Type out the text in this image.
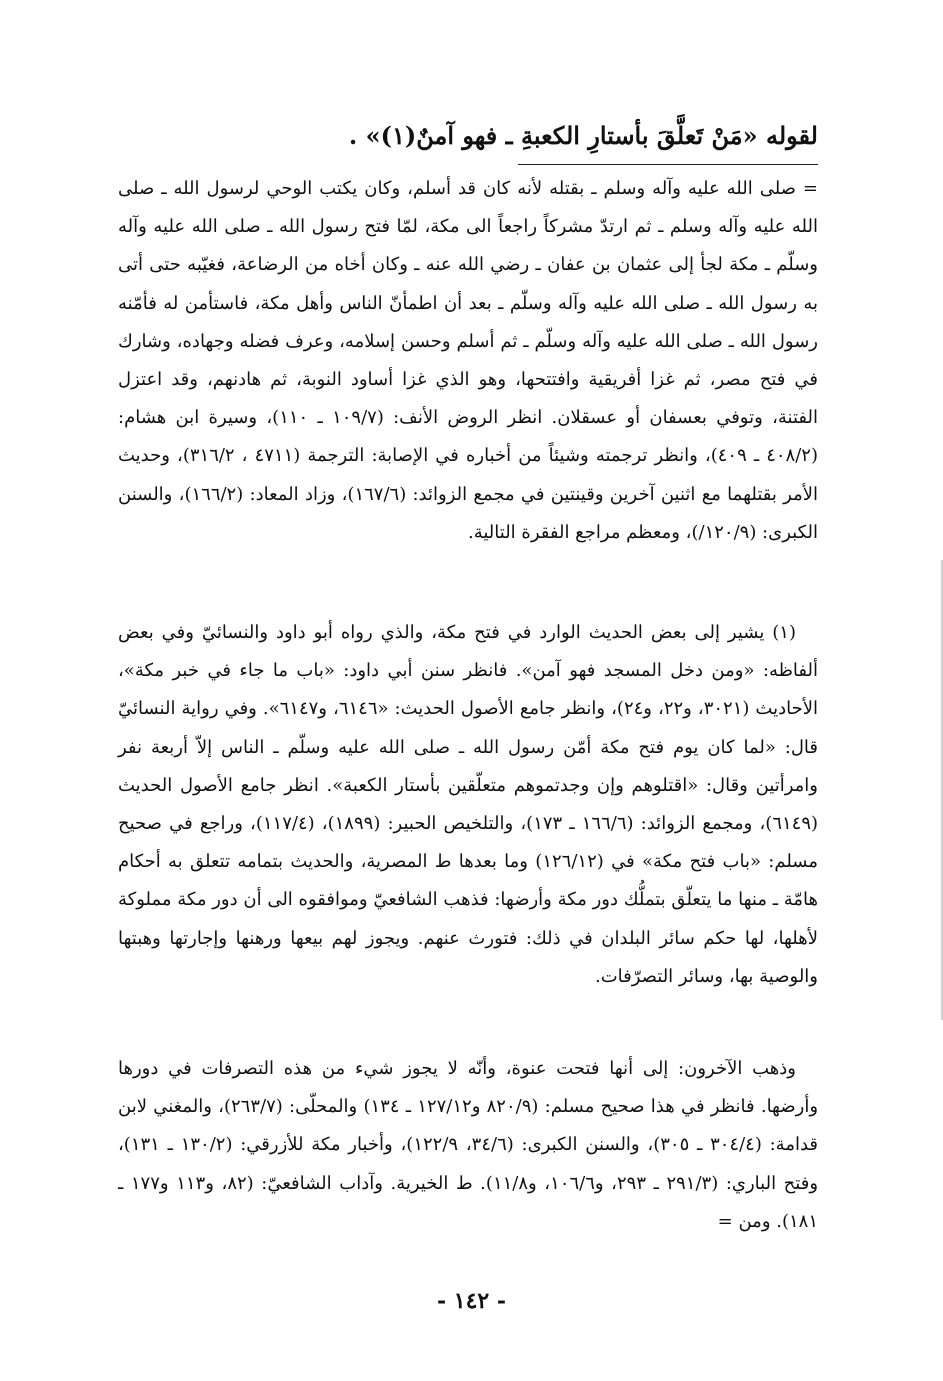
لقوله «مَنْ تَعلَّقَ بأستارِ الكعبةِ ـ فهو آمنٌ(١)» .

= صلى الله عليه وآله وسلم ـ بقتله لأنه كان قد أسلم، وكان يكتب الوحي لرسول الله ـ صلى الله عليه وآله وسلم ـ ثم ارتدّ مشركاً راجعاً الى مكة، لمّا فتح رسول الله ـ صلى الله عليه وآله وسلّم ـ مكة لجأ إلى عثمان بن عفان ـ رضي الله عنه ـ وكان أخاه من الرضاعة، فغيّبه حتى أتى به رسول الله ـ صلى الله عليه وآله وسلّم ـ بعد أن اطمأنّ الناس وأهل مكة، فاستأمن له فأمّنه رسول الله ـ صلى الله عليه وآله وسلّم ـ ثم أسلم وحسن إسلامه، وعرف فضله وجهاده، وشارك في فتح مصر، ثم غزا أفريقية وافتتحها، وهو الذي غزا أساود النوبة، ثم هادنهم، وقد اعتزل الفتنة، وتوفي بعسفان أو عسقلان. انظر الروض الأنف: (١٠٩/٧ ـ ١١٠)، وسيرة ابن هشام: (٤٠٨/٢ ـ ٤٠٩)، وانظر ترجمته وشيئاً من أخباره في الإصابة: الترجمة (٤٧١١ ، ٣١٦/٢)، وحديث الأمر بقتلهما مع اثنين آخرين وقينتين في مجمع الزوائد: (١٦٧/٦)، وزاد المعاد: (١٦٦/٢)، والسنن الكبرى: (١٢٠/٩/)، ومعظم مراجع الفقرة التالية.

(١) يشير إلى بعض الحديث الوارد في فتح مكة، والذي رواه أبو داود والنسائيّ وفي بعض ألفاظه: «ومن دخل المسجد فهو آمن». فانظر سنن أبي داود: «باب ما جاء في خبر مكة»، الأحاديث (٣٠٢١، و٢٢، و٢٤)، وانظر جامع الأصول الحديث: «٦١٤٦، و٦١٤٧». وفي رواية النسائيّ قال: «لما كان يوم فتح مكة أمّن رسول الله ـ صلى الله عليه وسلّم ـ الناس إلاّ أربعة نفر وامرأتين وقال: «اقتلوهم وإن وجدتموهم متعلّقين بأستار الكعبة». انظر جامع الأصول الحديث (٦١٤٩)، ومجمع الزوائد: (١٦٦/٦ ـ ١٧٣)، والتلخيص الحبير: (١٨٩٩)، (١١٧/٤)، وراجع في صحيح مسلم: «باب فتح مكة» في (١٢٦/١٢) وما بعدها ط المصرية، والحديث بتمامه تتعلق به أحكام هامّة ـ منها ما يتعلّق بتملُّك دور مكة وأرضها: فذهب الشافعيّ وموافقوه الى أن دور مكة مملوكة لأهلها، لها حكم سائر البلدان في ذلك: فتورث عنهم. ويجوز لهم بيعها ورهنها وإجارتها وهبتها والوصية بها، وسائر التصرّفات.

وذهب الآخرون: إلى أنها فتحت عنوة، وأنّه لا يجوز شيء من هذه التصرفات في دورها وأرضها. فانظر في هذا صحيح مسلم: (٨٢٠/٩ و١٢٧/١٢ ـ ١٣٤) والمحلّى: (٢٦٣/٧)، والمغني لابن قدامة: (٣٠٤/٤ ـ ٣٠٥)، والسنن الكبرى: (٣٤/٦، ١٢٢/٩)، وأخبار مكة للأزرقي: (١٣٠/٢ ـ ١٣١)، وفتح الباري: (٢٩١/٣ ـ ٢٩٣، و١٠٦/٦، و١١/٨). ط الخيرية. وآداب الشافعيّ: (٨٢، و١١٣ و١٧٧ ـ ١٨١). ومن =

- ١٤٢ -
